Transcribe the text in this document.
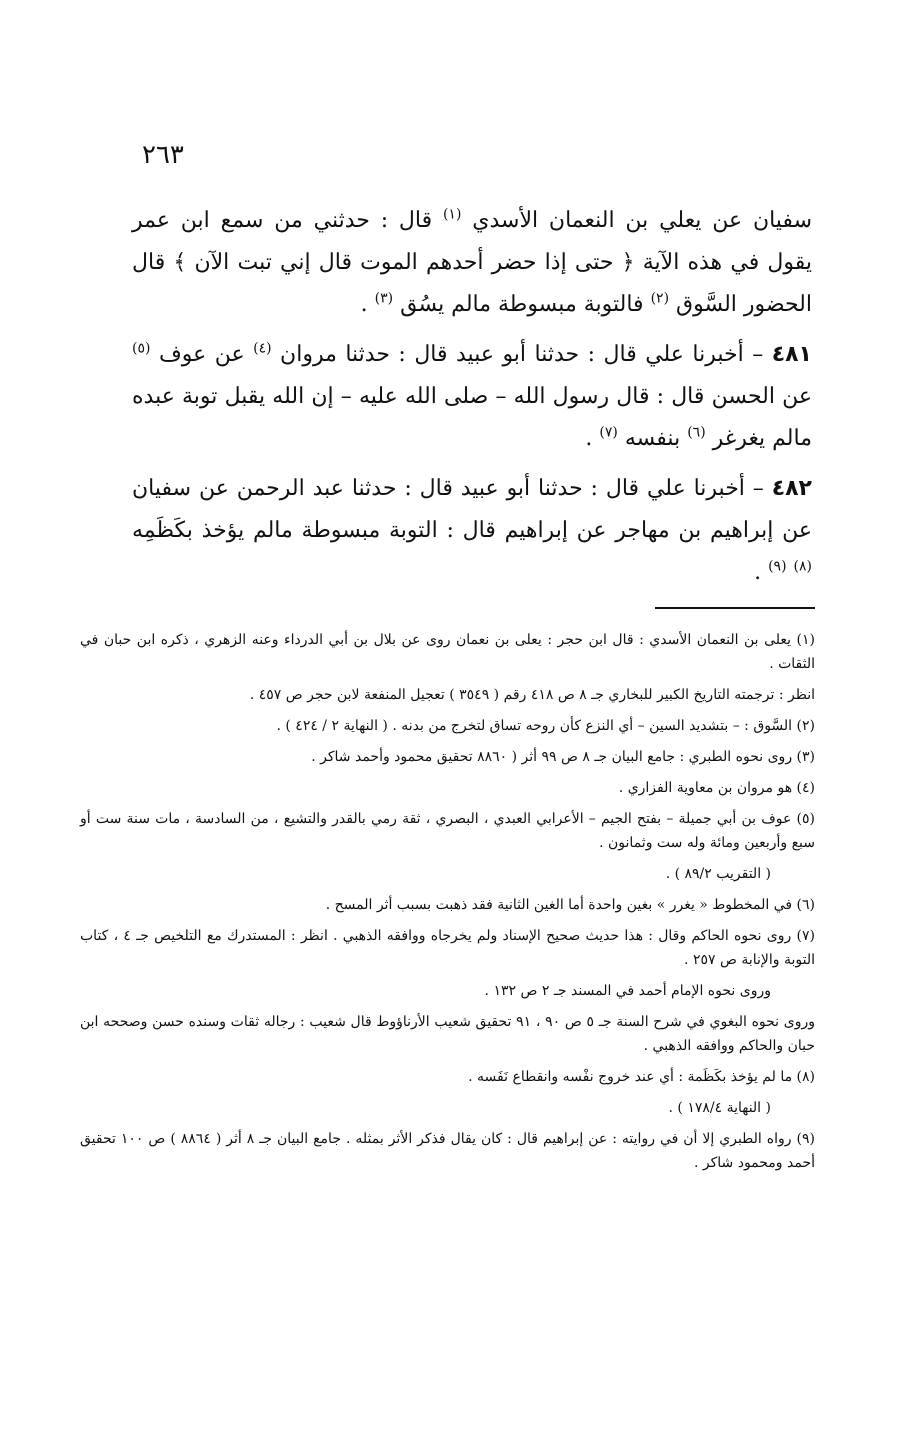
٢٦٣

سفيان عن يعلي بن النعمان الأسدي $^{(١)}$ قال : حدثني من سمع ابن عمر يقول في هذه الآية ﴿ حتى إذا حضر أحدهم الموت قال إني تبت الآن ﴾ قال الحضور السَّوق $^{(٢)}$ فالتوبة مبسوطة مالم يسُق $^{(٣)}$ .

٤٨١ – أخبرنا علي قال : حدثنا أبو عبيد قال : حدثنا مروان $^{(٤)}$ عن عوف $^{(٥)}$ عن الحسن قال : قال رسول الله – صلى الله عليه – إن الله يقبل توبة عبده مالم يغرغر $^{(٦)}$ بنفسه $^{(٧)}$ .

٤٨٢ – أخبرنا علي قال : حدثنا أبو عبيد قال : حدثنا عبد الرحمن عن سفيان عن إبراهيم بن مهاجر عن إبراهيم قال : التوبة مبسوطة مالم يؤخذ بكَظَمِه $^{(٨)}$ $^{(٩)}$ .

(١) يعلى بن النعمان الأسدي : قال ابن حجر : يعلى بن نعمان روى عن بلال بن أبي الدرداء وعنه الزهري ، ذكره ابن حبان في الثقات .

انظر : ترجمته التاريخ الكبير للبخاري جـ ٨ ص ٤١٨ رقم ( ٣٥٤٩ ) تعجيل المنفعة لابن حجر ص ٤٥٧ .

(٢) السَّوق : – بتشديد السين – أي النزع كأن روحه تساق لتخرج من بدنه . ( النهاية ٢ / ٤٢٤ ) .

(٣) روى نحوه الطبري : جامع البيان جـ ٨ ص ٩٩ أثر ( ٨٨٦٠ تحقيق محمود وأحمد شاكر .

(٤) هو مروان بن معاوية الفزاري .

(٥) عوف بن أبي جميلة – بفتح الجيم – الأعرابي العبدي ، البصري ، ثقة رمي بالقدر والتشيع ، من السادسة ، مات سنة ست أو سبع وأربعين ومائة وله ست وثمانون .

( التقريب ٨٩/٢ ) .

(٦) في المخطوط « يغرر » بغين واحدة أما الغين الثانية فقد ذهبت بسبب أثر المسح .

(٧) روى نحوه الحاكم وقال : هذا حديث صحيح الإسناد ولم يخرجاه ووافقه الذهبي . انظر : المستدرك مع التلخيص جـ ٤ ، كتاب التوبة والإنابة ص ٢٥٧ .

وروى نحوه الإمام أحمد في المسند جـ ٢ ص ١٣٢ .

وروى نحوه البغوي في شرح السنة جـ ٥ ص ٩٠ ، ٩١ تحقيق شعيب الأرناؤوط قال شعيب : رجاله ثقات وسنده حسن وصححه ابن حبان والحاكم ووافقه الذهبي .

(٨) ما لم يؤخذ بكَظَمة : أي عند خروج نفْسه وانقطاع نَفَسه .

( النهاية ١٧٨/٤ ) .

(٩) رواه الطبري إلا أن في روايته : عن إبراهيم قال : كان يقال فذكر الأثر بمثله . جامع البيان جـ ٨ أثر ( ٨٨٦٤ ) ص ١٠٠ تحقيق أحمد ومحمود شاكر .
